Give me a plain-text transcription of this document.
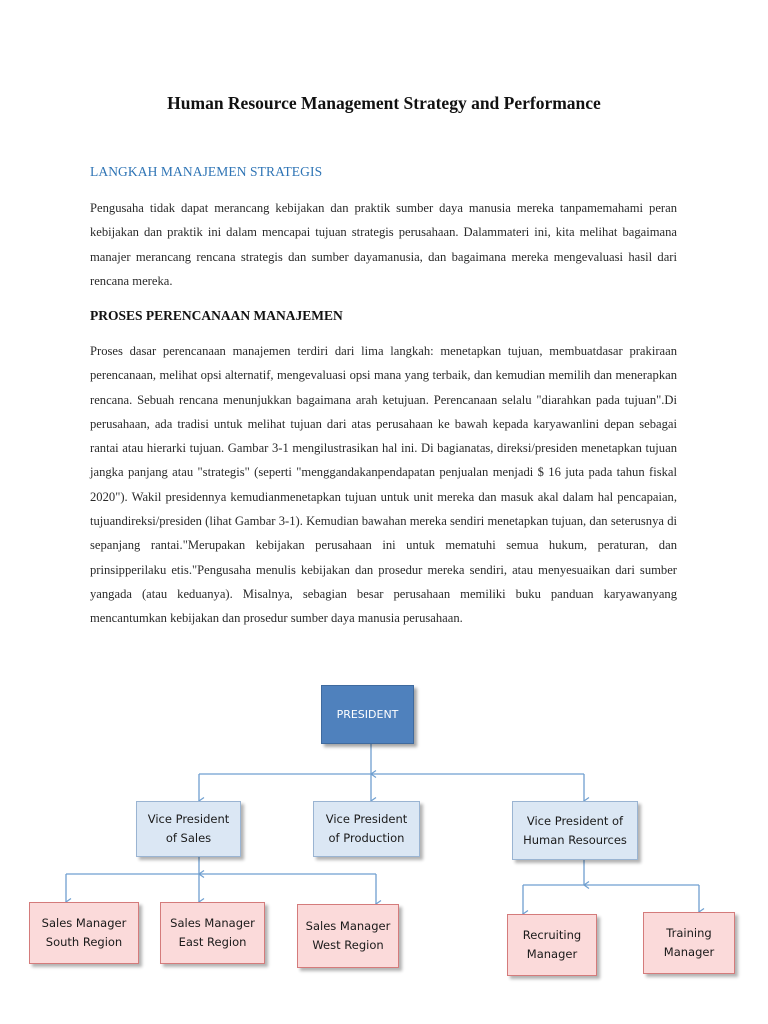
Human Resource Management Strategy and Performance
LANGKAH MANAJEMEN STRATEGIS
Pengusaha tidak dapat merancang kebijakan dan praktik sumber daya manusia mereka tanpamemahami peran kebijakan dan praktik ini dalam mencapai tujuan strategis perusahaan. Dalammateri ini, kita melihat bagaimana manajer merancang rencana strategis dan sumber dayamanusia, dan bagaimana mereka mengevaluasi hasil dari rencana mereka.
PROSES PERENCANAAN MANAJEMEN
Proses dasar perencanaan manajemen terdiri dari lima langkah: menetapkan tujuan, membuatdasar prakiraan perencanaan, melihat opsi alternatif, mengevaluasi opsi mana yang terbaik, dan kemudian memilih dan menerapkan rencana. Sebuah rencana menunjukkan bagaimana arah ketujuan. Perencanaan selalu "diarahkan pada tujuan".Di perusahaan, ada tradisi untuk melihat tujuan dari atas perusahaan ke bawah kepada karyawanlini depan sebagai rantai atau hierarki tujuan. Gambar 3-1 mengilustrasikan hal ini. Di bagianatas, direksi/presiden menetapkan tujuan jangka panjang atau "strategis" (seperti "menggandakanpendapatan penjualan menjadi $ 16 juta pada tahun fiskal 2020"). Wakil presidennya kemudianmenetapkan tujuan untuk unit mereka dan masuk akal dalam hal pencapaian, tujuandireksi/presiden (lihat Gambar 3-1). Kemudian bawahan mereka sendiri menetapkan tujuan, dan seterusnya di sepanjang rantai."Merupakan kebijakan perusahaan ini untuk mematuhi semua hukum, peraturan, dan prinsipperilaku etis."Pengusaha menulis kebijakan dan prosedur mereka sendiri, atau menyesuaikan dari sumber yangada (atau keduanya). Misalnya, sebagian besar perusahaan memiliki buku panduan karyawanyang mencantumkan kebijakan dan prosedur sumber daya manusia perusahaan.
PRESIDENT
Vice President
of Sales
Vice President
of Production
Vice President of
Human Resources
Sales Manager
South Region
Sales Manager
East Region
Sales Manager
West Region
Recruiting
Manager
Training
Manager
